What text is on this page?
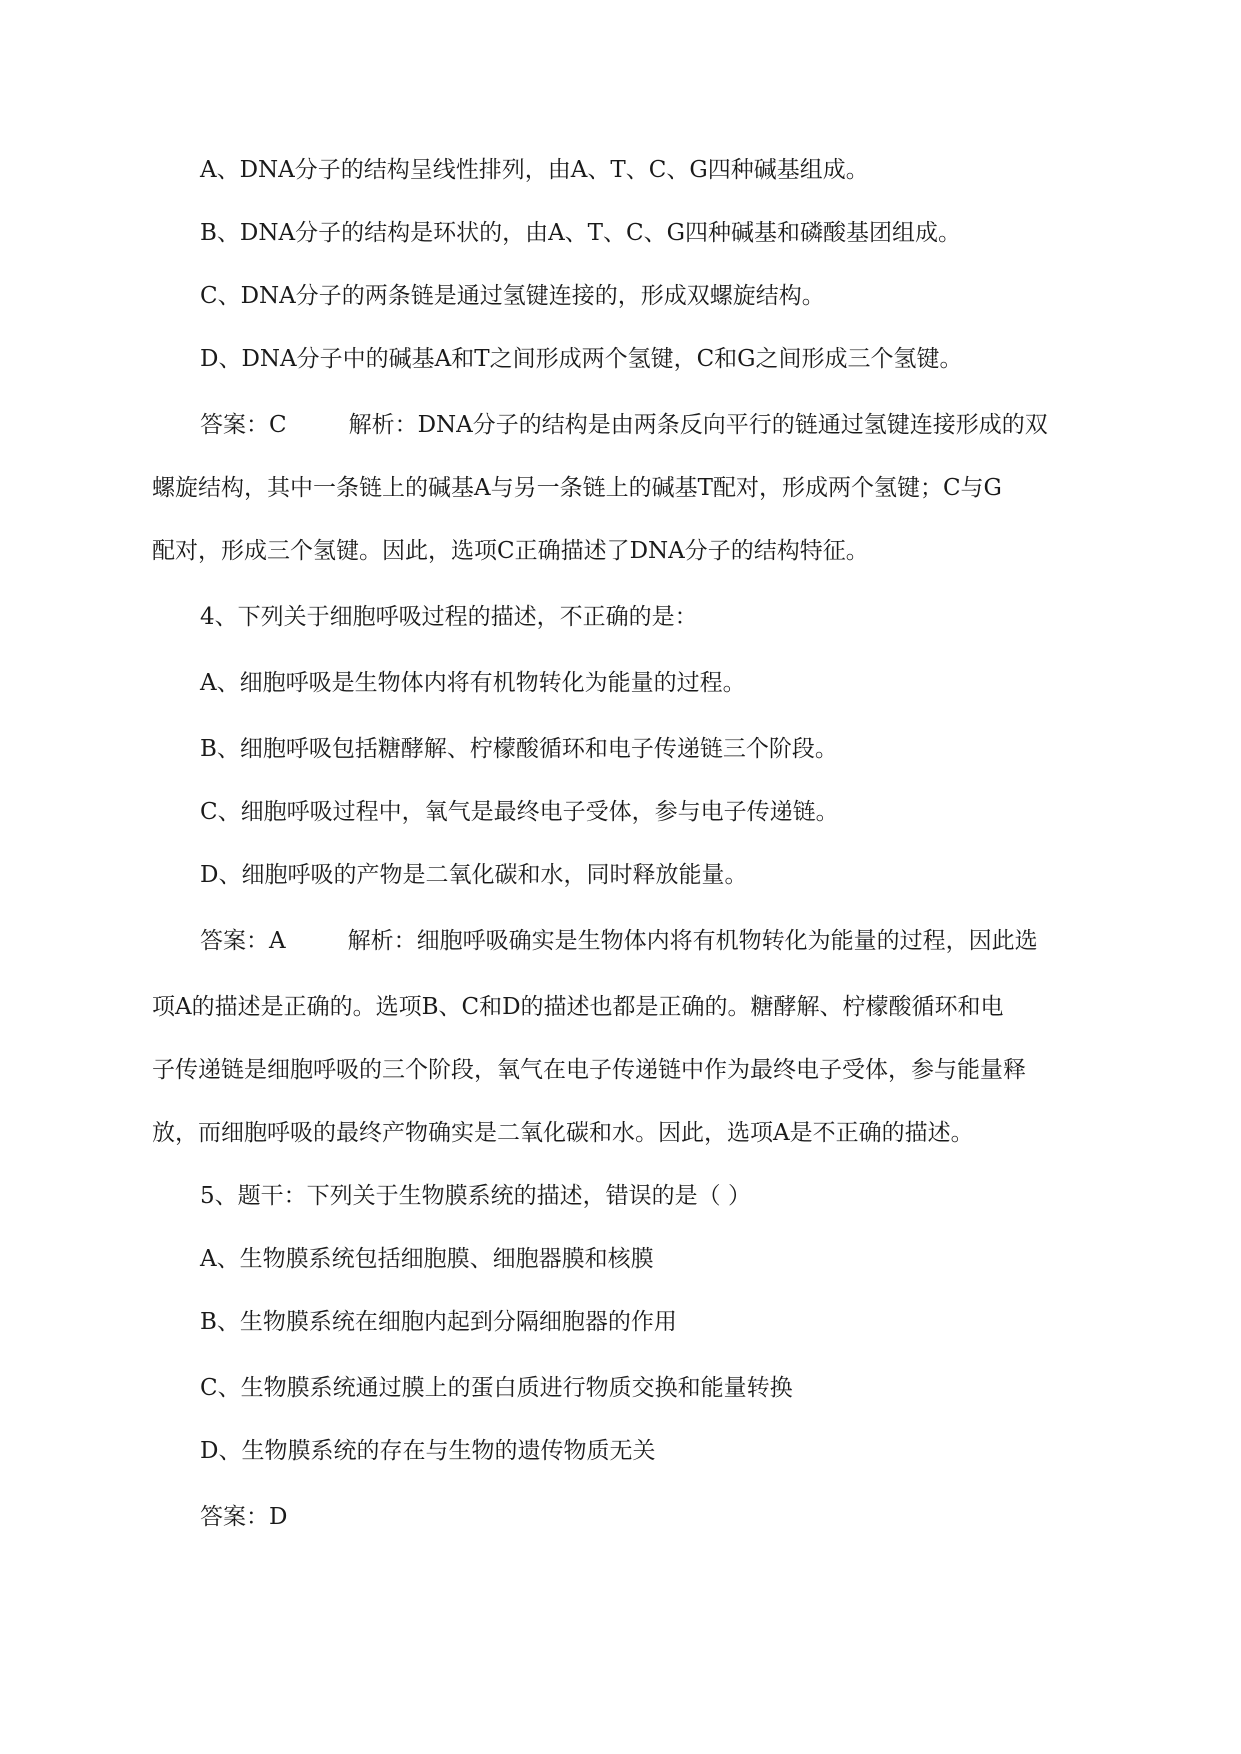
A、DNA分子的结构呈线性排列，由A、T、C、G四种碱基组成。

B、DNA分子的结构是环状的，由A、T、C、G四种碱基和磷酸基团组成。

C、DNA分子的两条链是通过氢键连接的，形成双螺旋结构。

D、DNA分子中的碱基A和T之间形成两个氢键，C和G之间形成三个氢键。

答案：C	解析：DNA分子的结构是由两条反向平行的链通过氢键连接形成的双

螺旋结构，其中一条链上的碱基A与另一条链上的碱基T配对，形成两个氢键；C与G

配对，形成三个氢键。因此，选项C正确描述了DNA分子的结构特征。

4、下列关于细胞呼吸过程的描述，不正确的是：

A、细胞呼吸是生物体内将有机物转化为能量的过程。

B、细胞呼吸包括糖酵解、柠檬酸循环和电子传递链三个阶段。

C、细胞呼吸过程中，氧气是最终电子受体，参与电子传递链。

D、细胞呼吸的产物是二氧化碳和水，同时释放能量。

答案：A	解析：细胞呼吸确实是生物体内将有机物转化为能量的过程，因此选

项A的描述是正确的。选项B、C和D的描述也都是正确的。糖酵解、柠檬酸循环和电

子传递链是细胞呼吸的三个阶段，氧气在电子传递链中作为最终电子受体，参与能量释

放，而细胞呼吸的最终产物确实是二氧化碳和水。因此，选项A是不正确的描述。

5、题干：下列关于生物膜系统的描述，错误的是（ ）

A、生物膜系统包括细胞膜、细胞器膜和核膜

B、生物膜系统在细胞内起到分隔细胞器的作用

C、生物膜系统通过膜上的蛋白质进行物质交换和能量转换

D、生物膜系统的存在与生物的遗传物质无关

答案：D
